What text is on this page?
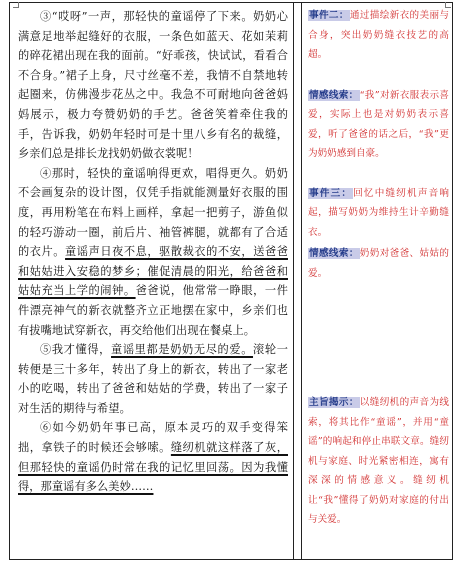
③“哎呀”一声，那轻快的童谣停了下来。奶奶心满意足地举起缝好的衣服，一条色如蓝天、花如茉莉的碎花裙出现在我的面前。“好乖孩，快试试，看看合不合身。”裙子上身，尺寸丝毫不差，我情不自禁地转起圈来，仿佛漫步花丛之中。我急不可耐地向爸爸妈妈展示，极力夸赞奶奶的手艺。爸爸笑着牵住我的手，告诉我，奶奶年轻时可是十里八乡有名的裁缝，乡亲们总是排长龙找奶奶做衣裳呢！

④那时，轻快的童谣响得更欢，唱得更久。奶奶不会画复杂的设计图，仅凭手指就能测量好衣服的围度，再用粉笔在布料上画样，拿起一把剪子，游鱼似的轻巧游动一圈，前后片、袖管裤腿，就都有了合适的衣片。童谣声日夜不息，驱散裁衣的不安，送爸爸和姑姑进入安稳的梦乡；催促清晨的阳光，给爸爸和姑姑充当上学的闹钟。爸爸说，他常常一睁眼，一件件漂亮神气的新衣就整齐立正地摆在家中，乡亲们也有拔嘴地试穿新衣，再交给他们出现在餐桌上。

⑤我才懂得，童谣里都是奶奶无尽的爱。滚轮一转便是三十多年，转出了身上的新衣，转出了一家老小的吃喝，转出了爸爸和姑姑的学费，转出了一家子对生活的期待与希望。

⑥如今奶奶年事已高，原本灵巧的双手变得笨拙，拿铁子的时候还会够嗦。缝纫机就这样落了灰，但那轻快的童谣仍时常在我的记忆里回荡。因为我懂得，那童谣有多么美妙……

事件二：通过描绘新衣的美丽与合身，突出奶奶缝衣技艺的高超。
情感线索：“我”对新衣服表示喜爱，实际上也是对奶奶表示喜爱，听了爸爸的话之后，“我”更为奶奶感到自豪。
事件三：回忆中缝纫机声音响起，描写奶奶为维持生计辛勤缝衣。
情感线索：奶奶对爸爸、姑姑的爱。
主旨揭示：以缝纫机的声音为线索，将其比作“童谣”，并用“童谣”的响起和停止串联文章。缝纫机与家庭、时光紧密相连，寓有深深的情感意义。缝纫机让“我”懂得了奶奶对家庭的付出与关爱。
